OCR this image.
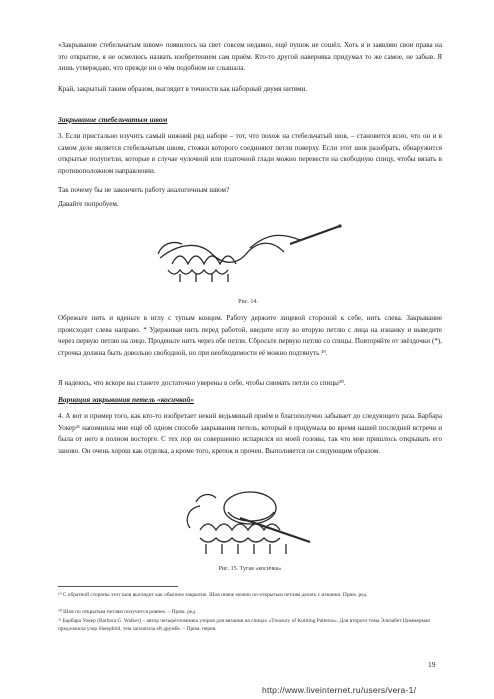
«Закрывание стебельчатым швом» появилось на свет совсем недавно, ещё пушок не сошёл. Хоть я и заявляю свои права на это открытие, я не осмелюсь назвать изобретением сам приём. Кто-то другой наверняка придумал то же самое, не забыв. Я лишь утверждаю, что прежде ни о чём подобном не слышала.

Край, закрытый таким образом, выглядит в точности как наборный двумя нитями.

Закрывание стебельчатым швом

3. Если пристально изучить самый нижний ряд наборе – тот, что похож на стебельчатый шов, – становится ясно, что он и в самом деле является стебельчатым швом, стежки которого соединяют петли поверху. Если этот шов разобрать, обнаружится открытые полупетли, которые в случае чулочной или платочной глади можно перевести на свободную спицу, чтобы вязать в противоположном направлении.

Так почему бы не закончить работу аналогичным швом?

Давайте попробуем.

Рис. 14.

Обрежьте нить и вденьте в иглу с тупым концом. Работу держите лицевой стороной к себе, нить слева. Закрывание происходит слева направо. * Удерживая нить перед работой, введите иглу во вторую петлю с лица на изнанку и выведите через первую петлю на лицо. Проденьте нить через обе петли. Сбросьте первую петлю со спицы. Повторяйте от звёздочки (*), строчка должна быть довольно свободной, но при необходимости её можно подтянуть ¹⁹.

Я надеюсь, что вскоре вы станете достаточно уверены в себе, чтобы снимать петли со спицы²⁰.

Вариация закрывания петель «косичкой»

4. А вот и пример того, как кто-то изобретает некий ведьминый приём и благополучно забывает до следующего раза. Барбара Уокер²¹ напомнила мне ещё об одном способе закрывания петель, который я придумала во время нашей последней встречи и была от него в полном восторге. С тех пор он совершенно испарился из моей головы, так что мне пришлось открывать его заново. Он очень хорош как отделка, а кроме того, крепок и прочен. Выполняется он следующим образом.

Рис. 15. Тугая «косичка»

¹⁹ С обратной стороны этот шов выглядит как обычное закрытие. Шов иначе можно по-открытым петлям делать с изнанки. Прим. ред.

²⁰ Шов по открытым петлям получится ровнее. – Прим. ред.

²¹ Барбара Уокер (Barbara G. Walker) – автор четырёхтомника узоров для вязания на спицах «Treasury of Knitting Patterns». Для второго тома Элизабет Циммерман предложила узор Sheepfold, тем заплатила ей дружбе. – Прим. перев.

19
http://www.liveinternet.ru/users/vera-1/
